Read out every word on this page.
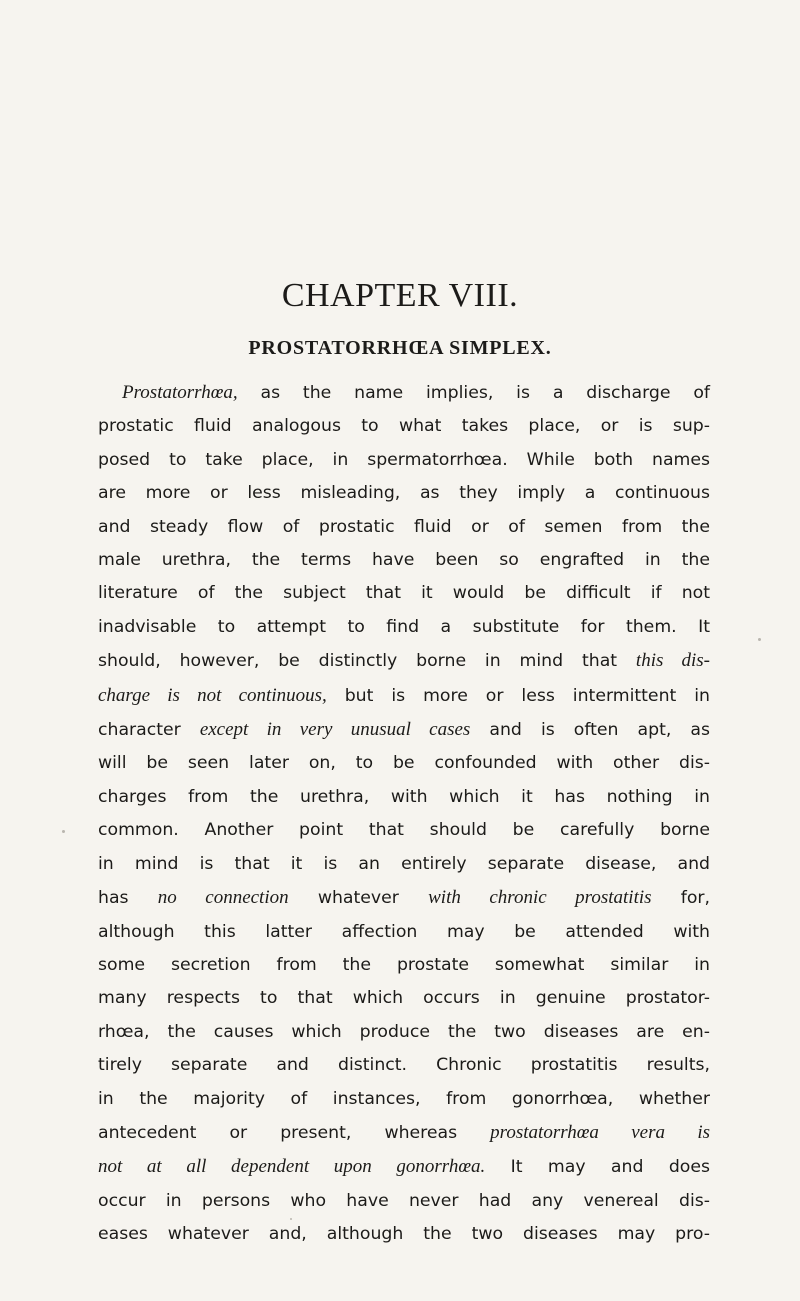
CHAPTER VIII.
PROSTATORRHŒA SIMPLEX.
Prostatorrhœa, as the name implies, is a discharge of
prostatic fluid analogous to what takes place, or is sup-
posed to take place, in spermatorrhœa. While both names
are more or less misleading, as they imply a continuous
and steady flow of prostatic fluid or of semen from the
male urethra, the terms have been so engrafted in the
literature of the subject that it would be difficult if not
inadvisable to attempt to find a substitute for them. It
should, however, be distinctly borne in mind that this dis-
charge is not continuous, but is more or less intermittent in
character except in very unusual cases and is often apt, as
will be seen later on, to be confounded with other dis-
charges from the urethra, with which it has nothing in
common. Another point that should be carefully borne
in mind is that it is an entirely separate disease, and
has no connection whatever with chronic prostatitis for,
although this latter affection may be attended with
some secretion from the prostate somewhat similar in
many respects to that which occurs in genuine prostator-
rhœa, the causes which produce the two diseases are en-
tirely separate and distinct. Chronic prostatitis results,
in the majority of instances, from gonorrhœa, whether
antecedent or present, whereas prostatorrhœa vera is
not at all dependent upon gonorrhœa. It may and does
occur in persons who have never had any venereal dis-
eases whatever and, although the two diseases may pro-
